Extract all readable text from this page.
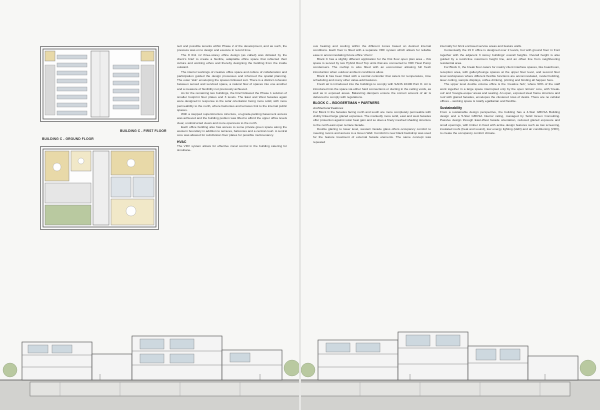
BUILDING C - FIRST FLOOR
BUILDING C - GROUND FLOOR

tect and possible tenants within Phase 2 of the development, and as such, the pressure was on to design and execute in record time.

The 8 011 m² three-storey office design (as called) was dictated by the client's brief to create a flexible, adaptable office space that reflected their culture and working ethos and thereby designing the building from the inside outward.

The interior workings of creative office space and culture of collaboration and participation guided the design processes and informed the spatial planning. The outer 'skin' enveloping the spaces followed suit. There is a distinct cohesion between served and serviced space, a natural flow of spaces into one another and a measure of flexibility not previously achieved.

As for the remaining two buildings, the brief followed the Phase 1 solution of smaller footprint floor plates and 3 levels. The East and West facades again were designed in response to the solar orientation being more solid, with more permeability to the north, where balconies and terraces link to the internal public spaces.

With a stepped superstructure structure, on-grade-parking basement access was achieved and the building podium was lifted to afford the upper office levels clear, unobstructed views and more openness to the north.

Each office building also has access to some private green space along the western boundary in addition to terraces, balconies and a central court. A central core was allowed for subdivision floor plates for possible multi-tenancy.

HVAC

The VRV system allows for effective zonal control in the building catering for simultane-

ous heating and cooling within the different zones based on desired internal conditions. Each floor is fitted with a separate VRF system which allows for reliable ease in accommodating future office 'churn'.

Block C has a slightly different application for the first floor open plan area – this space is served by two Hybrid Roof Top units that are connected to VRF Heat Pump condensers. The rooftop is also fitted with an economiser allowing full fresh introduction when outdoor ambient conditions allow.

Block E has been fitted with a central controller that caters for temperature, time scheduling and many other value-add features.

Fresh air is introduced into the buildings to comply with SANS 10400 Part O. Air is introduced into the space via either hard connections or ducting in the ceiling voids, as well as in exposed areas. Balancing dampers ensure the correct amount of air is delivered to comply with regulations.

BLOCK C – BOOGERTMAN + PARTNERS

Architectural Features

For Block C the facades facing north and south are more completely permeable with visibly linked large glazed expanses. The markedly more solid, east and west facades offer protection against solar heat gain and so does a finely meshed shading structure to the north-east open terrace facade.

Double glazing to lower level, western facade glass offers occupancy comfort to meeting rooms and access to a Green Wall. Comforts's new black backdrop was used for the feature treatment of external facade elements. The same concept was repeated

internally for brick enclosed service areas and feature walls.

Contextually the 19 F office is designed over 2 levels, but with ground floor in front together with the adjacent 3 storey buildings' overall heights. Overall height is also guided by a restrictive maximum height line, and an offset line from neighbouring residential area.

For Block C, the break floor caters for mainly client interface spaces, like boardroom, reception area, with gallery/lounge spaces at the upper floor level, and second floor level workspaces where different flexible functions are accommodated, model building, laser cutting, sample displays, coffee drinking, printing and binding all happen here.

The upper level double volume office is the 'creative hub', where 90% of the staff work together in a large space interrupted only by the open 'atrium' core, with 'break-out' and 'Google-esque' areas and seating. An open, exposed steel frame structure and roof with glazed facades, envelopes the clustered rows of desks. There are no cellular offices – working space is totally egalitarian and flexible.

Sustainability

From a sustainable design perspective, the building has a 4-Star GBCSA Building design and a 5-Star GBCSA Interior rating, managed by Solid Green Consulting. Passive design through East-West facade orientation, reduced glazed exposure and small openings, with timber in fixed with active design features such as low screening, insulated roofs (heat and sound), low energy lighting (LED) and air conditioning (VRV), to create the occupancy comfort climate.
